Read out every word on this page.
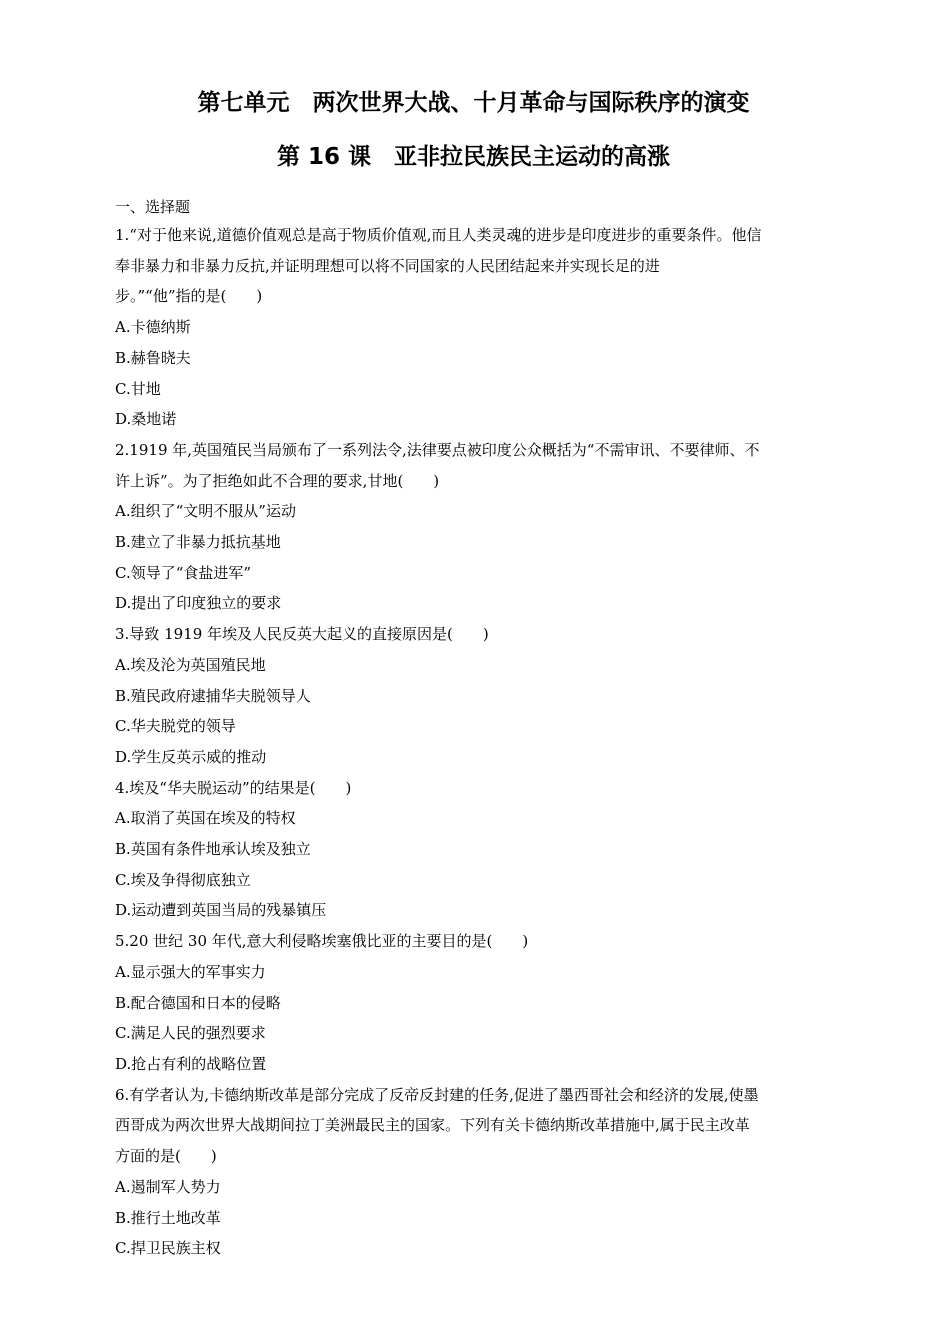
第七单元　两次世界大战、十月革命与国际秩序的演变
第 16 课　亚非拉民族民主运动的高涨
一、选择题

1.“对于他来说,道德价值观总是高于物质价值观,而且人类灵魂的进步是印度进步的重要条件。他信

奉非暴力和非暴力反抗,并证明理想可以将不同国家的人民团结起来并实现长足的进

步。”“他”指的是(　　)

A.卡德纳斯

B.赫鲁晓夫

C.甘地

D.桑地诺

2.1919 年,英国殖民当局颁布了一系列法令,法律要点被印度公众概括为“不需审讯、不要律师、不

许上诉”。为了拒绝如此不合理的要求,甘地(　　)

A.组织了“文明不服从”运动

B.建立了非暴力抵抗基地

C.领导了“食盐进军”

D.提出了印度独立的要求

3.导致 1919 年埃及人民反英大起义的直接原因是(　　)

A.埃及沦为英国殖民地

B.殖民政府逮捕华夫脱领导人

C.华夫脱党的领导

D.学生反英示威的推动

4.埃及“华夫脱运动”的结果是(　　)

A.取消了英国在埃及的特权

B.英国有条件地承认埃及独立

C.埃及争得彻底独立

D.运动遭到英国当局的残暴镇压

5.20 世纪 30 年代,意大利侵略埃塞俄比亚的主要目的是(　　)

A.显示强大的军事实力

B.配合德国和日本的侵略

C.满足人民的强烈要求

D.抢占有利的战略位置

6.有学者认为,卡德纳斯改革是部分完成了反帝反封建的任务,促进了墨西哥社会和经济的发展,使墨

西哥成为两次世界大战期间拉丁美洲最民主的国家。下列有关卡德纳斯改革措施中,属于民主改革

方面的是(　　)

A.遏制军人势力

B.推行土地改革

C.捍卫民族主权
